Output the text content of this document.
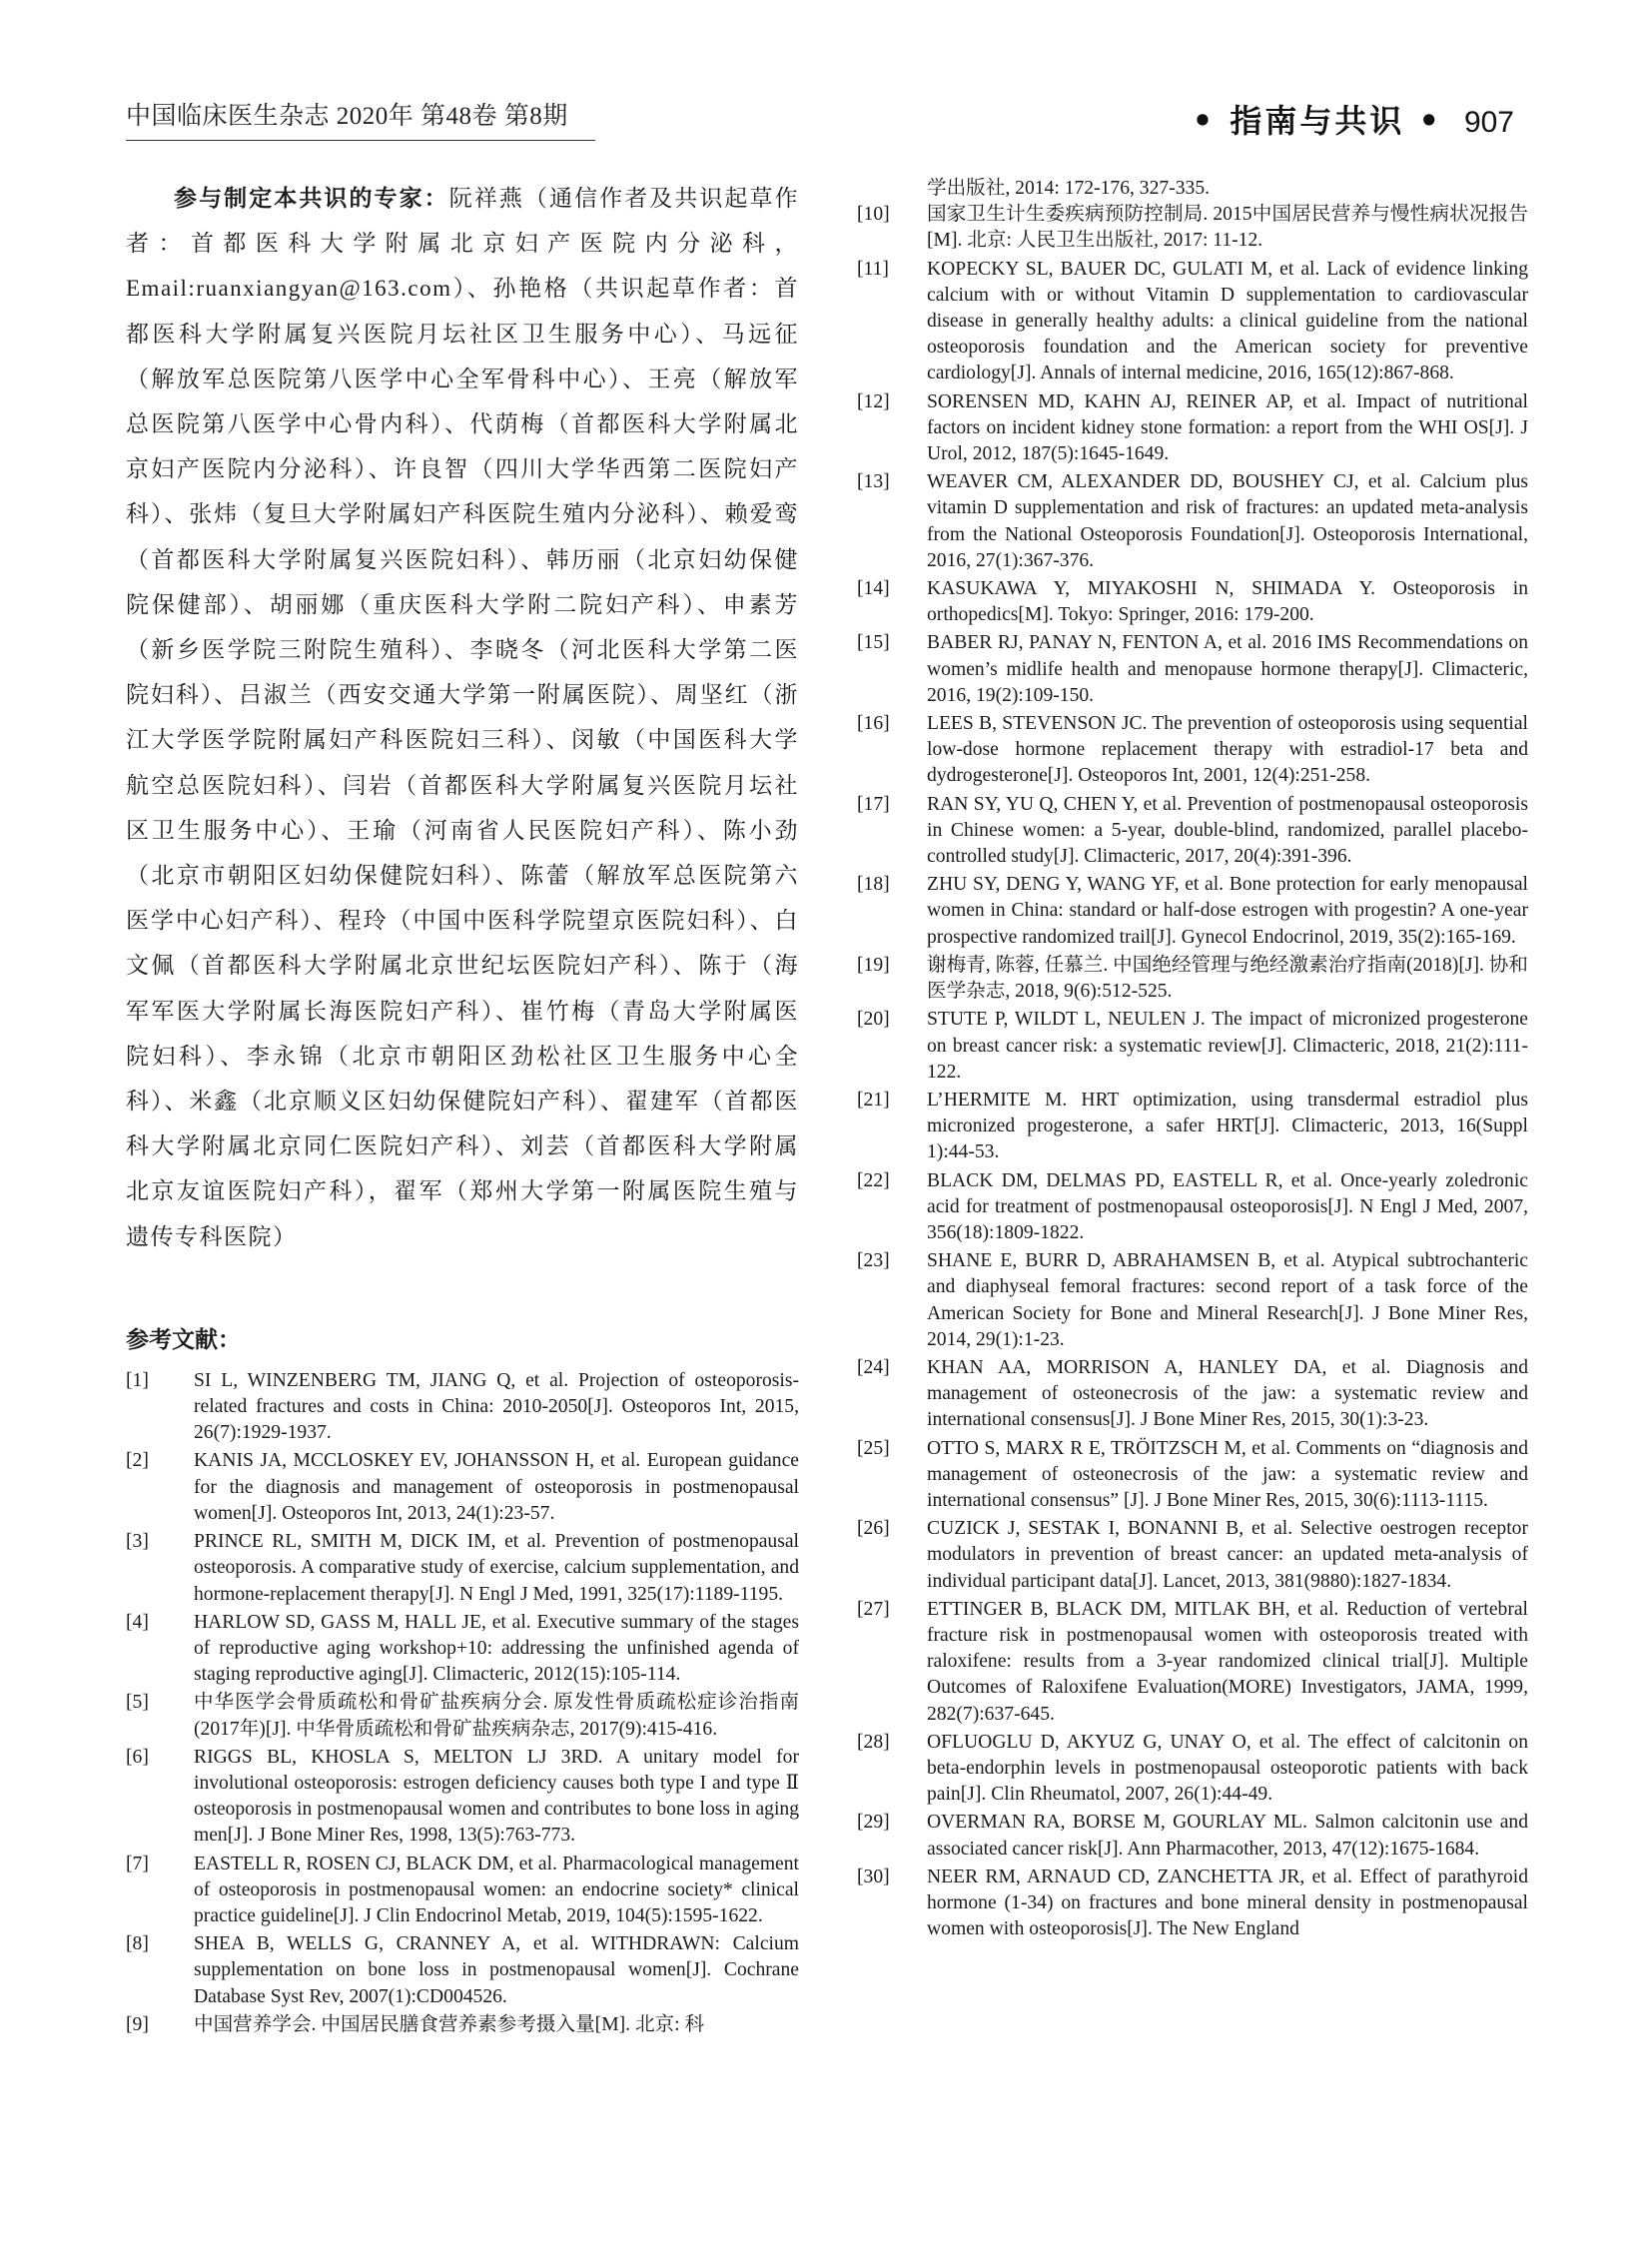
中国临床医生杂志 2020年 第48卷 第8期	• 指南与共识 • 907

参与制定本共识的专家：阮祥燕（通信作者及共识起草作者：首都医科大学附属北京妇产医院内分泌科，Email:ruanxiangyan@163.com）、孙艳格（共识起草作者：首都医科大学附属复兴医院月坛社区卫生服务中心）、马远征（解放军总医院第八医学中心全军骨科中心）、王亮（解放军总医院第八医学中心骨内科）、代荫梅（首都医科大学附属北京妇产医院内分泌科）、许良智（四川大学华西第二医院妇产科）、张炜（复旦大学附属妇产科医院生殖内分泌科）、赖爱鸾（首都医科大学附属复兴医院妇科）、韩历丽（北京妇幼保健院保健部）、胡丽娜（重庆医科大学附二院妇产科）、申素芳（新乡医学院三附院生殖科）、李晓冬（河北医科大学第二医院妇科）、吕淑兰（西安交通大学第一附属医院）、周坚红（浙江大学医学院附属妇产科医院妇三科）、闵敏（中国医科大学航空总医院妇科）、闫岩（首都医科大学附属复兴医院月坛社区卫生服务中心）、王瑜（河南省人民医院妇产科）、陈小劲（北京市朝阳区妇幼保健院妇科）、陈蕾（解放军总医院第六医学中心妇产科）、程玲（中国中医科学院望京医院妇科）、白文佩（首都医科大学附属北京世纪坛医院妇产科）、陈于（海军军医大学附属长海医院妇产科）、崔竹梅（青岛大学附属医院妇科）、李永锦（北京市朝阳区劲松社区卫生服务中心全科）、米鑫（北京顺义区妇幼保健院妇产科）、翟建军（首都医科大学附属北京同仁医院妇产科）、刘芸（首都医科大学附属北京友谊医院妇产科），翟军（郑州大学第一附属医院生殖与遗传专科医院）

参考文献：
[1]	SI L, WINZENBERG TM, JIANG Q, et al. Projection of osteoporosis-related fractures and costs in China: 2010-2050[J]. Osteoporos Int, 2015, 26(7):1929-1937.
[2]	KANIS JA, MCCLOSKEY EV, JOHANSSON H, et al. European guidance for the diagnosis and management of osteoporosis in postmenopausal women[J]. Osteoporos Int, 2013, 24(1):23-57.
[3]	PRINCE RL, SMITH M, DICK IM, et al. Prevention of postmenopausal osteoporosis. A comparative study of exercise, calcium supplementation, and hormone-replacement therapy[J]. N Engl J Med, 1991, 325(17):1189-1195.
[4]	HARLOW SD, GASS M, HALL JE, et al. Executive summary of the stages of reproductive aging workshop+10: addressing the unfinished agenda of staging reproductive aging[J]. Climacteric, 2012(15):105-114.
[5]	中华医学会骨质疏松和骨矿盐疾病分会. 原发性骨质疏松症诊治指南(2017年)[J]. 中华骨质疏松和骨矿盐疾病杂志, 2017(9):415-416.
[6]	RIGGS BL, KHOSLA S, MELTON LJ 3RD. A unitary model for involutional osteoporosis: estrogen deficiency causes both type I and type Ⅱ osteoporosis in postmenopausal women and contributes to bone loss in aging men[J]. J Bone Miner Res, 1998, 13(5):763-773.
[7]	EASTELL R, ROSEN CJ, BLACK DM, et al. Pharmacological management of osteoporosis in postmenopausal women: an endocrine society* clinical practice guideline[J]. J Clin Endocrinol Metab, 2019, 104(5):1595-1622.
[8]	SHEA B, WELLS G, CRANNEY A, et al. WITHDRAWN: Calcium supplementation on bone loss in postmenopausal women[J]. Cochrane Database Syst Rev, 2007(1):CD004526.
[9]	中国营养学会. 中国居民膳食营养素参考摄入量[M]. 北京: 科
学出版社, 2014: 172-176, 327-335.
[10]	国家卫生计生委疾病预防控制局. 2015中国居民营养与慢性病状况报告[M]. 北京: 人民卫生出版社, 2017: 11-12.
[11]	KOPECKY SL, BAUER DC, GULATI M, et al. Lack of evidence linking calcium with or without Vitamin D supplementation to cardiovascular disease in generally healthy adults: a clinical guideline from the national osteoporosis foundation and the American society for preventive cardiology[J]. Annals of internal medicine, 2016, 165(12):867-868.
[12]	SORENSEN MD, KAHN AJ, REINER AP, et al. Impact of nutritional factors on incident kidney stone formation: a report from the WHI OS[J]. J Urol, 2012, 187(5):1645-1649.
[13]	WEAVER CM, ALEXANDER DD, BOUSHEY CJ, et al. Calcium plus vitamin D supplementation and risk of fractures: an updated meta-analysis from the National Osteoporosis Foundation[J]. Osteoporosis International, 2016, 27(1):367-376.
[14]	KASUKAWA Y, MIYAKOSHI N, SHIMADA Y. Osteoporosis in orthopedics[M]. Tokyo: Springer, 2016: 179-200.
[15]	BABER RJ, PANAY N, FENTON A, et al. 2016 IMS Recommendations on women’s midlife health and menopause hormone therapy[J]. Climacteric, 2016, 19(2):109-150.
[16]	LEES B, STEVENSON JC. The prevention of osteoporosis using sequential low-dose hormone replacement therapy with estradiol-17 beta and dydrogesterone[J]. Osteoporos Int, 2001, 12(4):251-258.
[17]	RAN SY, YU Q, CHEN Y, et al. Prevention of postmenopausal osteoporosis in Chinese women: a 5-year, double-blind, randomized, parallel placebo-controlled study[J]. Climacteric, 2017, 20(4):391-396.
[18]	ZHU SY, DENG Y, WANG YF, et al. Bone protection for early menopausal women in China: standard or half-dose estrogen with progestin? A one-year prospective randomized trail[J]. Gynecol Endocrinol, 2019, 35(2):165-169.
[19]	谢梅青, 陈蓉, 任慕兰. 中国绝经管理与绝经激素治疗指南(2018)[J]. 协和医学杂志, 2018, 9(6):512-525.
[20]	STUTE P, WILDT L, NEULEN J. The impact of micronized progesterone on breast cancer risk: a systematic review[J]. Climacteric, 2018, 21(2):111-122.
[21]	L’HERMITE M. HRT optimization, using transdermal estradiol plus micronized progesterone, a safer HRT[J]. Climacteric, 2013, 16(Suppl 1):44-53.
[22]	BLACK DM, DELMAS PD, EASTELL R, et al. Once-yearly zoledronic acid for treatment of postmenopausal osteoporosis[J]. N Engl J Med, 2007, 356(18):1809-1822.
[23]	SHANE E, BURR D, ABRAHAMSEN B, et al. Atypical subtrochanteric and diaphyseal femoral fractures: second report of a task force of the American Society for Bone and Mineral Research[J]. J Bone Miner Res, 2014, 29(1):1-23.
[24]	KHAN AA, MORRISON A, HANLEY DA, et al. Diagnosis and management of osteonecrosis of the jaw: a systematic review and international consensus[J]. J Bone Miner Res, 2015, 30(1):3-23.
[25]	OTTO S, MARX R E, TRÖITZSCH M, et al. Comments on “diagnosis and management of osteonecrosis of the jaw: a systematic review and international consensus” [J]. J Bone Miner Res, 2015, 30(6):1113-1115.
[26]	CUZICK J, SESTAK I, BONANNI B, et al. Selective oestrogen receptor modulators in prevention of breast cancer: an updated meta-analysis of individual participant data[J]. Lancet, 2013, 381(9880):1827-1834.
[27]	ETTINGER B, BLACK DM, MITLAK BH, et al. Reduction of vertebral fracture risk in postmenopausal women with osteoporosis treated with raloxifene: results from a 3-year randomized clinical trial[J]. Multiple Outcomes of Raloxifene Evaluation(MORE) Investigators, JAMA, 1999, 282(7):637-645.
[28]	OFLUOGLU D, AKYUZ G, UNAY O, et al. The effect of calcitonin on beta-endorphin levels in postmenopausal osteoporotic patients with back pain[J]. Clin Rheumatol, 2007, 26(1):44-49.
[29]	OVERMAN RA, BORSE M, GOURLAY ML. Salmon calcitonin use and associated cancer risk[J]. Ann Pharmacother, 2013, 47(12):1675-1684.
[30]	NEER RM, ARNAUD CD, ZANCHETTA JR, et al. Effect of parathyroid hormone (1-34) on fractures and bone mineral density in postmenopausal women with osteoporosis[J]. The New England
